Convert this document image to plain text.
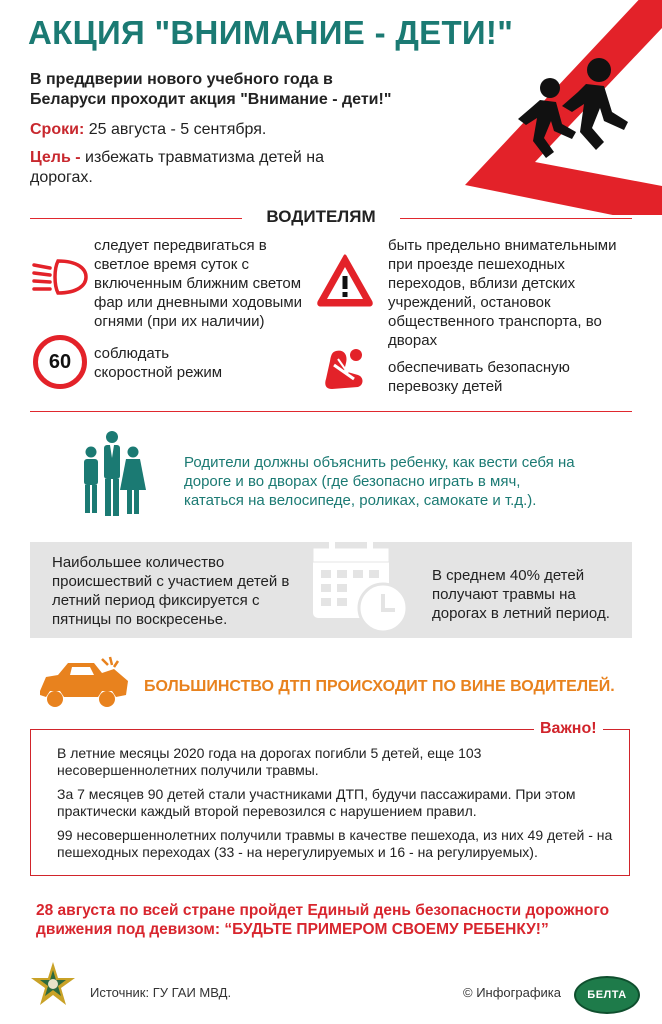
АКЦИЯ "ВНИМАНИЕ - ДЕТИ!"
В преддверии нового учебного года в Беларуси проходит акция "Внимание - дети!"
Сроки: 25 августа - 5 сентября.
Цель - избежать травматизма детей на дорогах.
ВОДИТЕЛЯМ
следует передвигаться в светлое время суток с включенным ближним светом фар или дневными ходовыми огнями (при их наличии)
быть предельно внимательными при проезде пешеходных переходов, вблизи детских учреждений, остановок общественного транспорта, во дворах
60 соблюдать скоростной режим	обеспечивать безопасную перевозку детей
Родители должны объяснить ребенку, как вести себя на дороге и во дворах (где безопасно играть в мяч, кататься на велосипеде, роликах, самокате и т.д.).
Наибольшее количество происшествий с участием детей в летний период фиксируется с пятницы по воскресенье.
В среднем 40% детей получают травмы на дорогах в летний период.
БОЛЬШИНСТВО ДТП ПРОИСХОДИТ ПО ВИНЕ ВОДИТЕЛЕЙ.
Важно!

В летние месяцы 2020 года на дорогах погибли 5 детей, еще 103 несовершеннолетних получили травмы.

За 7 месяцев 90 детей стали участниками ДТП, будучи пассажирами. При этом практически каждый второй перевозился с нарушением правил.

99 несовершеннолетних получили травмы в качестве пешехода, из них 49 детей - на пешеходных переходах (33 - на нерегулируемых и 16 - на регулируемых).

28 августа по всей стране пройдет Единый день безопасности дорожного движения под девизом: “БУДЬТЕ ПРИМЕРОМ СВОЕМУ РЕБЕНКУ!”
Источник: ГУ ГАИ МВД.	© Инфографика БЕЛТА
